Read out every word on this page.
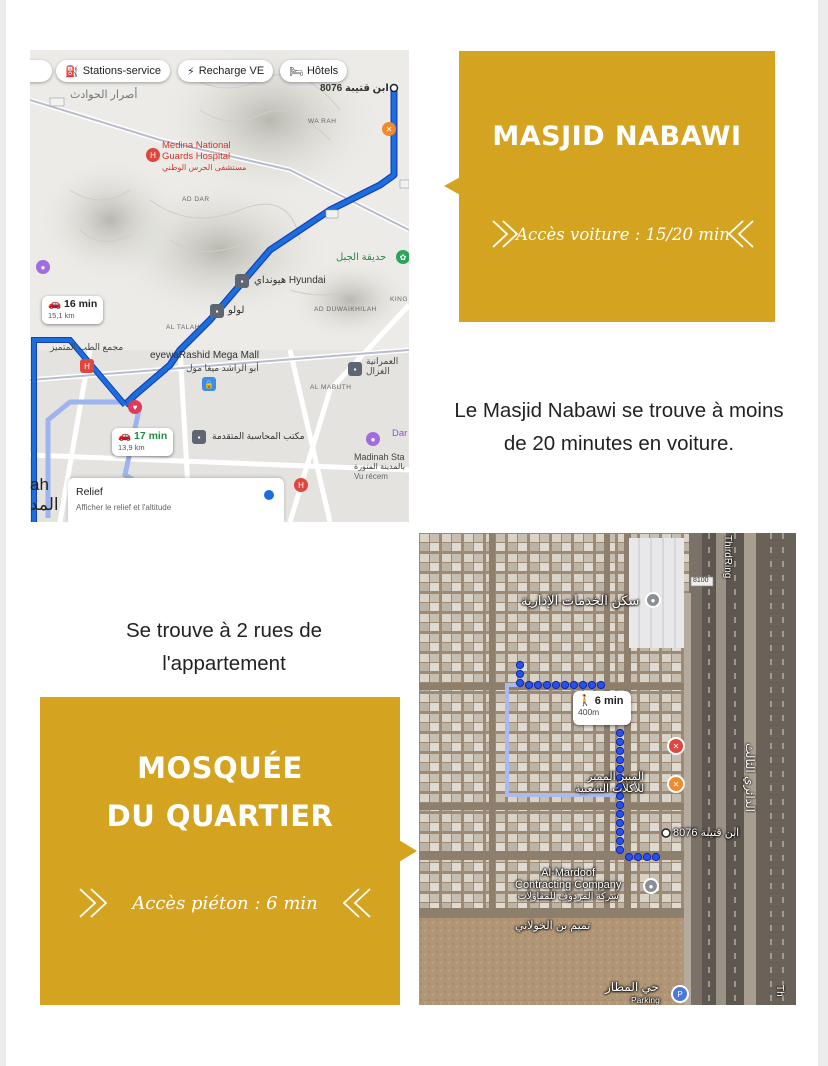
⛽ Stations-service ⚡ Recharge VE 🛏 Hôtels
8076 ابن قتيبة
أصرار الحوادث
H
Medina National
Guards Hospital
مستشفى الحرس الوطني
✕
WA RAH
AD DAR
▪	هيونداي Hyundai
✿
حديقة الجبل
●
▪ لولو
AL TALAH
AD DUWAIKHILAH
KING
🚗 16 min
15,1 km
مجمع الطب المتميز
eyewaRashid Mega Mall
أبو الراشد ميغا مول
H
🔒	AL MABUTH
▪
العمرانية
الغزال
♥
🚗 17 min
13,9 km
▪	مكتب المحاسبة المتقدمة	●	Dar
Madinah Sta
بالمدينة المنورة
Vu récem
H
ah
المد
Relief
Afficher le relief et l'altitude
MASJID NABAWI
Accès voiture : 15/20 min
Le Masjid Nabawi se trouve à moins de 20 minutes en voiture.
Se trouve à 2 rues de l'appartement
MOSQUÉE
DU QUARTIER
Accès piéton : 6 min
سكن الخدمات الإدارية	●
8100
ThirdRing
🚶 6 min
400m
✕
✕
المنبر المميز
للأكلات الشعبية
8076 ابن قتيبة
Al-Mardoof
Contracting Company
شركة المردوف للمقاولات
●
تميم بن الخولاني
الدائري الثالث
حي المطار	P
Parking
Th
